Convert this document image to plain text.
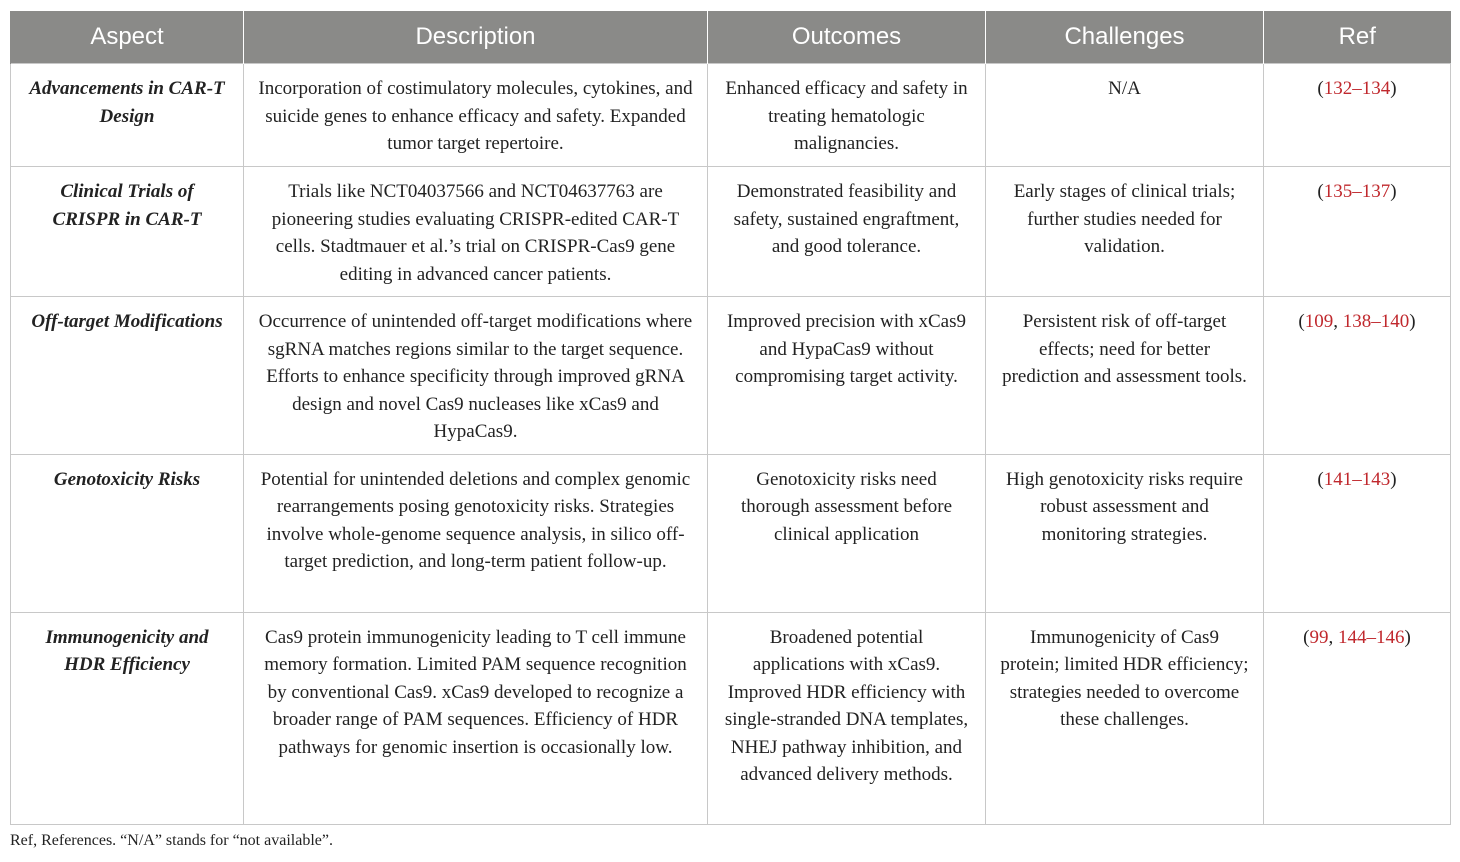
Aspect	Description	Outcomes	Challenges	Ref
Advancements in CAR-T Design	Incorporation of costimulatory molecules, cytokines, and suicide genes to enhance efficacy and safety. Expanded tumor target repertoire.	Enhanced efficacy and safety in treating hematologic malignancies.	N/A	(132–134)
Clinical Trials of CRISPR in CAR-T	Trials like NCT04037566 and NCT04637763 are pioneering studies evaluating CRISPR-edited CAR-T cells. Stadtmauer et al.’s trial on CRISPR-Cas9 gene editing in advanced cancer patients.	Demonstrated feasibility and safety, sustained engraftment, and good tolerance.	Early stages of clinical trials; further studies needed for validation.	(135–137)
Off-target Modifications	Occurrence of unintended off-target modifications where sgRNA matches regions similar to the target sequence. Efforts to enhance specificity through improved gRNA design and novel Cas9 nucleases like xCas9 and HypaCas9.	Improved precision with xCas9 and HypaCas9 without compromising target activity.	Persistent risk of off-target effects; need for better prediction and assessment tools.	(109, 138–140)
Genotoxicity Risks	Potential for unintended deletions and complex genomic rearrangements posing genotoxicity risks. Strategies involve whole-genome sequence analysis, in silico off-target prediction, and long-term patient follow-up.	Genotoxicity risks need thorough assessment before clinical application	High genotoxicity risks require robust assessment and monitoring strategies.	(141–143)
Immunogenicity and HDR Efficiency	Cas9 protein immunogenicity leading to T cell immune memory formation. Limited PAM sequence recognition by conventional Cas9. xCas9 developed to recognize a broader range of PAM sequences. Efficiency of HDR pathways for genomic insertion is occasionally low.	Broadened potential applications with xCas9. Improved HDR efficiency with single-stranded DNA templates, NHEJ pathway inhibition, and advanced delivery methods.	Immunogenicity of Cas9 protein; limited HDR efficiency; strategies needed to overcome these challenges.	(99, 144–146)
Ref, References. “N/A” stands for “not available”.
